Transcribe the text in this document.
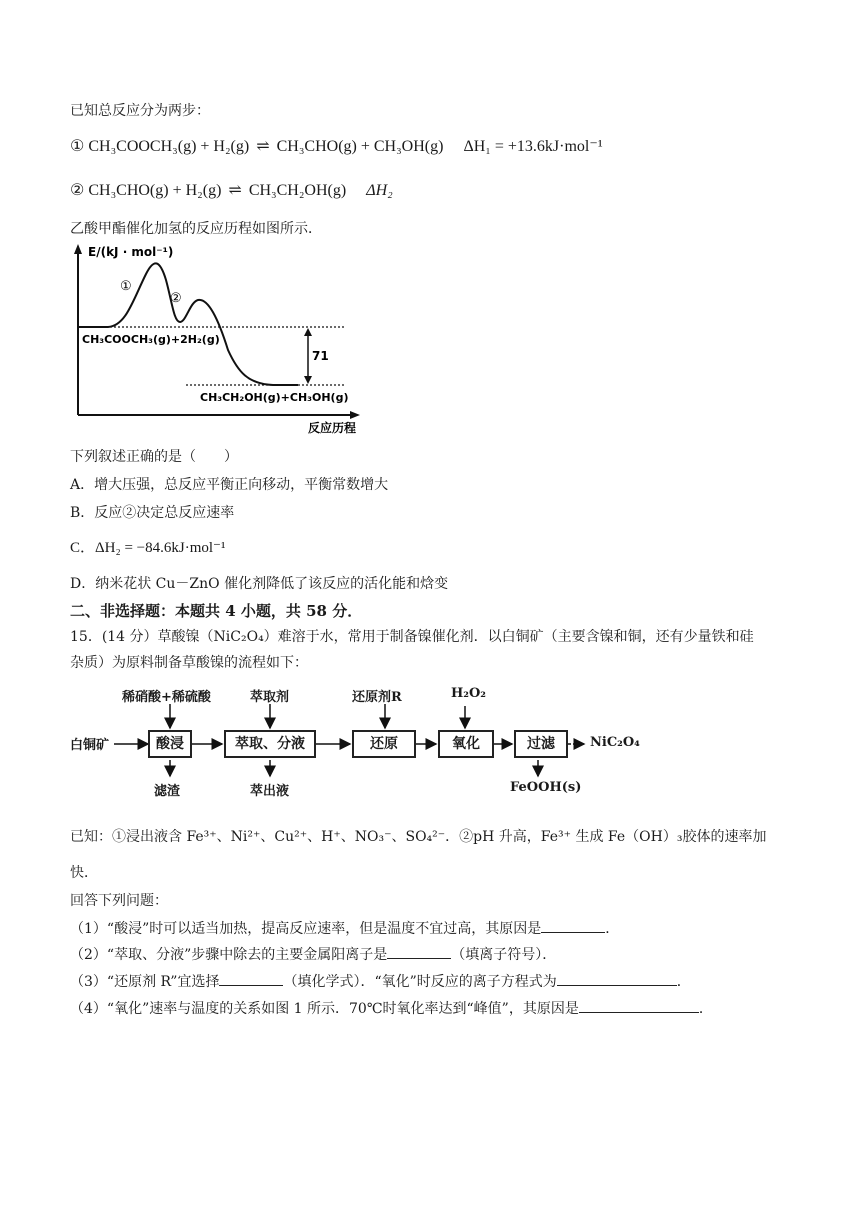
已知总反应分为两步：
① CH₃COOCH₃(g) + H₂(g) ⇌ CH₃CHO(g) + CH₃OH(g) ΔH₁ = +13.6kJ·mol⁻¹
② CH₃CHO(g) + H₂(g) ⇌ CH₃CH₂OH(g) ΔH₂
乙酸甲酯催化加氢的反应历程如图所示．
E/(kJ · mol⁻¹)
反应历程
①
②
CH₃COOCH₃(g)+2H₂(g)
CH₃CH₂OH(g)+CH₃OH(g)
71
下列叙述正确的是（　　）
A．增大压强，总反应平衡正向移动，平衡常数增大
B．反应②决定总反应速率
C．ΔH₂ = −84.6kJ·mol⁻¹
D．纳米花状 Cu－ZnO 催化剂降低了该反应的活化能和焓变
二、非选择题：本题共 4 小题，共 58 分．
15．(14 分）草酸镍（NiC₂O₄）难溶于水，常用于制备镍催化剂．以白铜矿（主要含镍和铜，还有少量铁和硅
杂质）为原料制备草酸镍的流程如下：
白铜矿
稀硝酸+稀硫酸
酸浸
滤渣
萃取剂
萃取、分液
萃出液
还原剂R
还原
H₂O₂
氧化	过滤	NiC₂O₄
FeOOH(s)
已知：①浸出液含 Fe³⁺、Ni²⁺、Cu²⁺、H⁺、NO₃⁻、SO₄²⁻．②pH 升高，Fe³⁺ 生成 Fe（OH）₃胶体的速率加
快．
回答下列问题：
（1）“酸浸”时可以适当加热，提高反应速率，但是温度不宜过高，其原因是	．
（2）“萃取、分液”步骤中除去的主要金属阳离子是	（填离子符号）．
（3）“还原剂 R”宜选择	（填化学式）．“氧化”时反应的离子方程式为	．
（4）“氧化”速率与温度的关系如图 1 所示．70℃时氧化率达到“峰值”，其原因是	．
